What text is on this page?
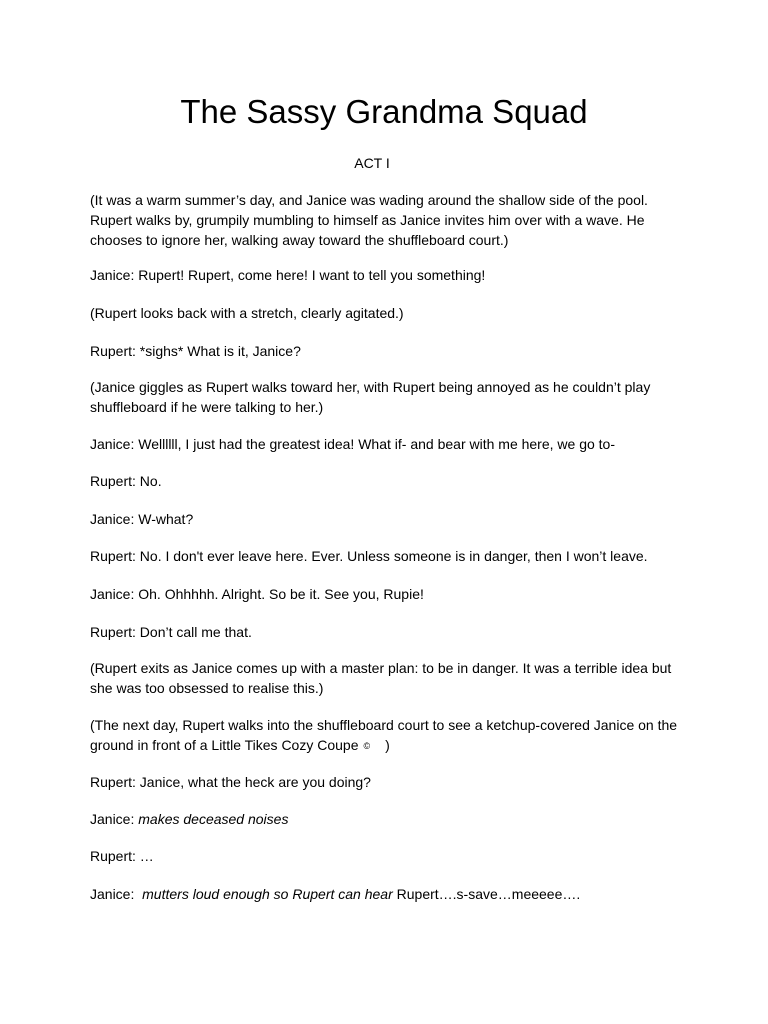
The Sassy Grandma Squad
ACT I

(It was a warm summer’s day, and Janice was wading around the shallow side of the pool. Rupert walks by, grumpily mumbling to himself as Janice invites him over with a wave. He chooses to ignore her, walking away toward the shuffleboard court.)

Janice: Rupert! Rupert, come here! I want to tell you something!

(Rupert looks back with a stretch, clearly agitated.)

Rupert: *sighs* What is it, Janice?

(Janice giggles as Rupert walks toward her, with Rupert being annoyed as he couldn’t play shuffleboard if he were talking to her.)

Janice: Wellllll, I just had the greatest idea! What if- and bear with me here, we go to-

Rupert: No.

Janice: W-what?

Rupert: No. I don't ever leave here. Ever. Unless someone is in danger, then I won’t leave.

Janice: Oh. Ohhhhh. Alright. So be it. See you, Rupie!

Rupert: Don’t call me that.

(Rupert exits as Janice comes up with a master plan: to be in danger. It was a terrible idea but she was too obsessed to realise this.)

(The next day, Rupert walks into the shuffleboard court to see a ketchup-covered Janice on the ground in front of a Little Tikes Cozy Coupe © )

Rupert: Janice, what the heck are you doing?

Janice: makes deceased noises

Rupert: …

Janice: mutters loud enough so Rupert can hear Rupert….s-save…meeeee….
